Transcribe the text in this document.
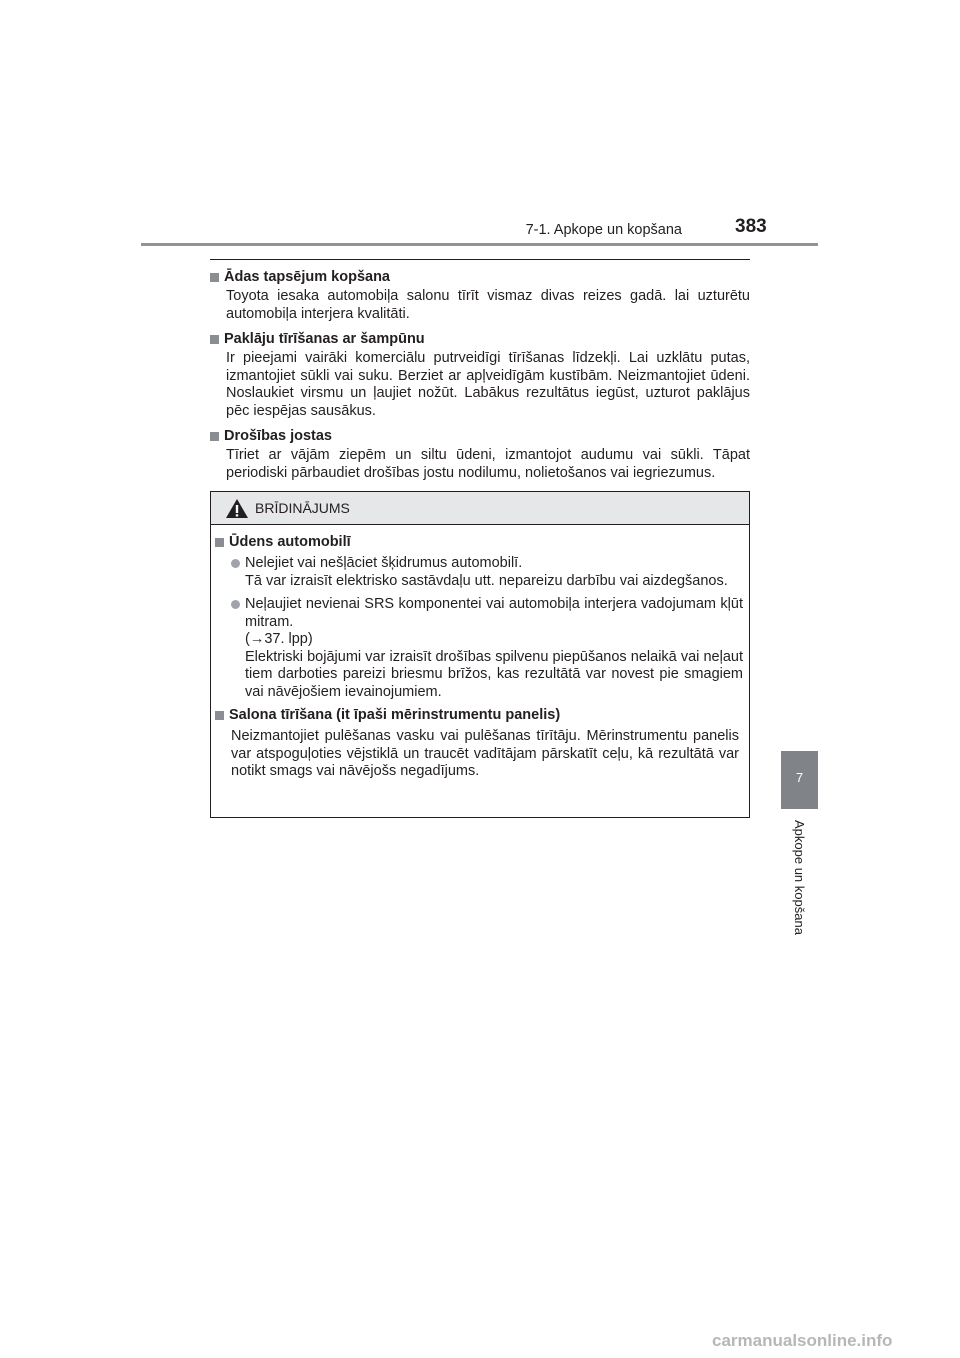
7-1. Apkope un kopšana	383
7
Apkope un kopšana
Ādas tapsējum kopšana
Toyota iesaka automobiļa salonu tīrīt vismaz divas reizes gadā. lai uzturētu automobiļa interjera kvalitāti.
Paklāju tīrīšanas ar šampūnu
Ir pieejami vairāki komerciālu putrveidīgi tīrīšanas līdzekļi. Lai uzklātu putas, izmantojiet sūkli vai suku. Berziet ar apļveidīgām kustībām. Neizmantojiet ūdeni. Noslaukiet virsmu un ļaujiet nožūt. Labākus rezultātus iegūst, uzturot paklājus pēc iespējas sausākus.
Drošības jostas
Tīriet ar vājām ziepēm un siltu ūdeni, izmantojot audumu vai sūkli. Tāpat periodiski pārbaudiet drošības jostu nodilumu, nolietošanos vai iegriezumus.
BRĪDINĀJUMS
Ūdens automobilī
Nelejiet vai nešļāciet šķidrumus automobilī.
Tā var izraisīt elektrisko sastāvdaļu utt. nepareizu darbību vai aizdegšanos.
Neļaujiet nevienai SRS komponentei vai automobiļa interjera vadojumam kļūt mitram.
(→37. lpp)
Elektriski bojājumi var izraisīt drošības spilvenu piepūšanos nelaikā vai neļaut tiem darboties pareizi briesmu brīžos, kas rezultātā var novest pie smagiem vai nāvējošiem ievainojumiem.
Salona tīrīšana (it īpaši mērinstrumentu panelis)
Neizmantojiet pulēšanas vasku vai pulēšanas tīrītāju. Mērinstrumentu panelis var atspoguļoties vējstiklā un traucēt vadītājam pārskatīt ceļu, kā rezultātā var notikt smags vai nāvējošs negadījums.
carmanualsonline.info
